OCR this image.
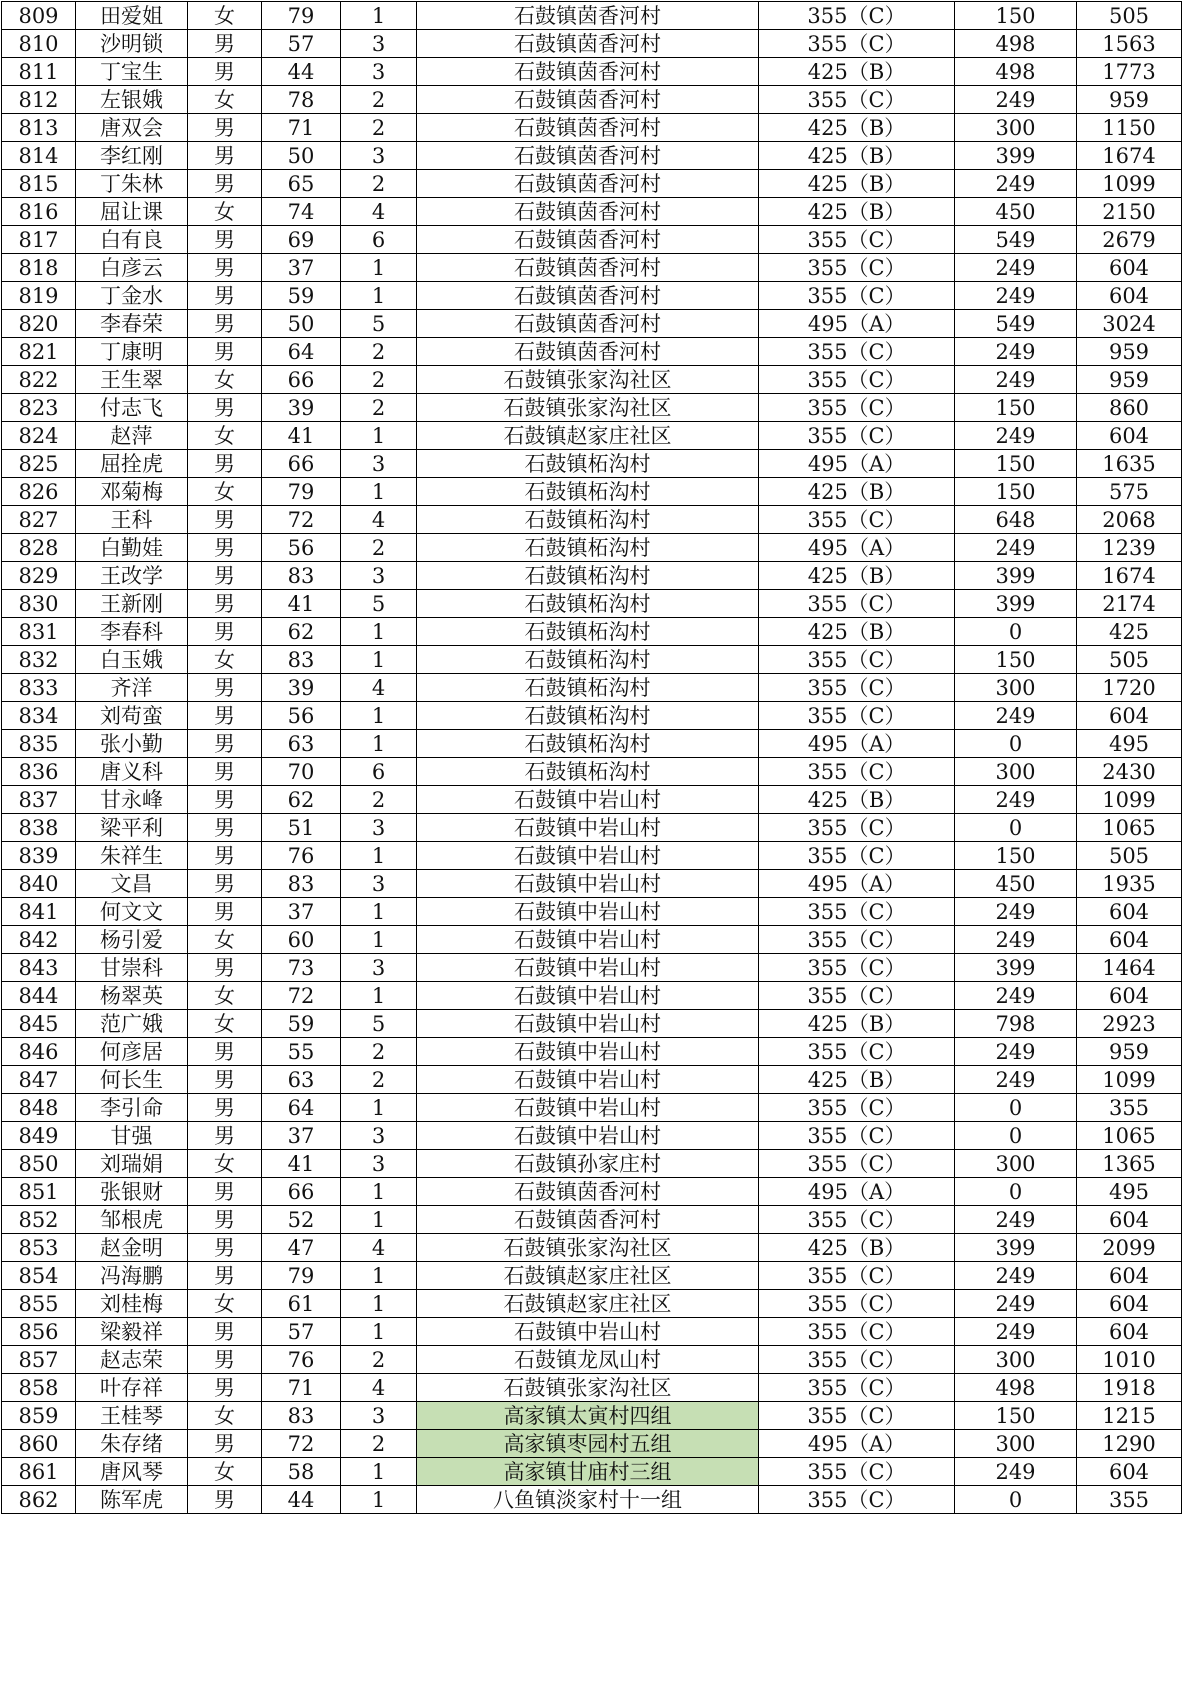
809	田爱姐	女	79	1	石鼓镇茵香河村	355（C）	150	505
810	沙明锁	男	57	3	石鼓镇茵香河村	355（C）	498	1563
811	丁宝生	男	44	3	石鼓镇茵香河村	425（B）	498	1773
812	左银娥	女	78	2	石鼓镇茵香河村	355（C）	249	959
813	唐双会	男	71	2	石鼓镇茵香河村	425（B）	300	1150
814	李红刚	男	50	3	石鼓镇茵香河村	425（B）	399	1674
815	丁朱林	男	65	2	石鼓镇茵香河村	425（B）	249	1099
816	屈让课	女	74	4	石鼓镇茵香河村	425（B）	450	2150
817	白有良	男	69	6	石鼓镇茵香河村	355（C）	549	2679
818	白彦云	男	37	1	石鼓镇茵香河村	355（C）	249	604
819	丁金水	男	59	1	石鼓镇茵香河村	355（C）	249	604
820	李春荣	男	50	5	石鼓镇茵香河村	495（A）	549	3024
821	丁康明	男	64	2	石鼓镇茵香河村	355（C）	249	959
822	王生翠	女	66	2	石鼓镇张家沟社区	355（C）	249	959
823	付志飞	男	39	2	石鼓镇张家沟社区	355（C）	150	860
824	赵萍	女	41	1	石鼓镇赵家庄社区	355（C）	249	604
825	屈拴虎	男	66	3	石鼓镇柘沟村	495（A）	150	1635
826	邓菊梅	女	79	1	石鼓镇柘沟村	425（B）	150	575
827	王科	男	72	4	石鼓镇柘沟村	355（C）	648	2068
828	白勤娃	男	56	2	石鼓镇柘沟村	495（A）	249	1239
829	王改学	男	83	3	石鼓镇柘沟村	425（B）	399	1674
830	王新刚	男	41	5	石鼓镇柘沟村	355（C）	399	2174
831	李春科	男	62	1	石鼓镇柘沟村	425（B）	0	425
832	白玉娥	女	83	1	石鼓镇柘沟村	355（C）	150	505
833	齐洋	男	39	4	石鼓镇柘沟村	355（C）	300	1720
834	刘苟蛮	男	56	1	石鼓镇柘沟村	355（C）	249	604
835	张小勤	男	63	1	石鼓镇柘沟村	495（A）	0	495
836	唐义科	男	70	6	石鼓镇柘沟村	355（C）	300	2430
837	甘永峰	男	62	2	石鼓镇中岩山村	425（B）	249	1099
838	梁平利	男	51	3	石鼓镇中岩山村	355（C）	0	1065
839	朱祥生	男	76	1	石鼓镇中岩山村	355（C）	150	505
840	文昌	男	83	3	石鼓镇中岩山村	495（A）	450	1935
841	何文文	男	37	1	石鼓镇中岩山村	355（C）	249	604
842	杨引爱	女	60	1	石鼓镇中岩山村	355（C）	249	604
843	甘崇科	男	73	3	石鼓镇中岩山村	355（C）	399	1464
844	杨翠英	女	72	1	石鼓镇中岩山村	355（C）	249	604
845	范广娥	女	59	5	石鼓镇中岩山村	425（B）	798	2923
846	何彦居	男	55	2	石鼓镇中岩山村	355（C）	249	959
847	何长生	男	63	2	石鼓镇中岩山村	425（B）	249	1099
848	李引命	男	64	1	石鼓镇中岩山村	355（C）	0	355
849	甘强	男	37	3	石鼓镇中岩山村	355（C）	0	1065
850	刘瑞娟	女	41	3	石鼓镇孙家庄村	355（C）	300	1365
851	张银财	男	66	1	石鼓镇茵香河村	495（A）	0	495
852	邹根虎	男	52	1	石鼓镇茵香河村	355（C）	249	604
853	赵金明	男	47	4	石鼓镇张家沟社区	425（B）	399	2099
854	冯海鹏	男	79	1	石鼓镇赵家庄社区	355（C）	249	604
855	刘桂梅	女	61	1	石鼓镇赵家庄社区	355（C）	249	604
856	梁毅祥	男	57	1	石鼓镇中岩山村	355（C）	249	604
857	赵志荣	男	76	2	石鼓镇龙凤山村	355（C）	300	1010
858	叶存祥	男	71	4	石鼓镇张家沟社区	355（C）	498	1918
859	王桂琴	女	83	3	高家镇太寅村四组	355（C）	150	1215
860	朱存绪	男	72	2	高家镇枣园村五组	495（A）	300	1290
861	唐风琴	女	58	1	高家镇甘庙村三组	355（C）	249	604
862	陈军虎	男	44	1	八鱼镇淡家村十一组	355（C）	0	355
